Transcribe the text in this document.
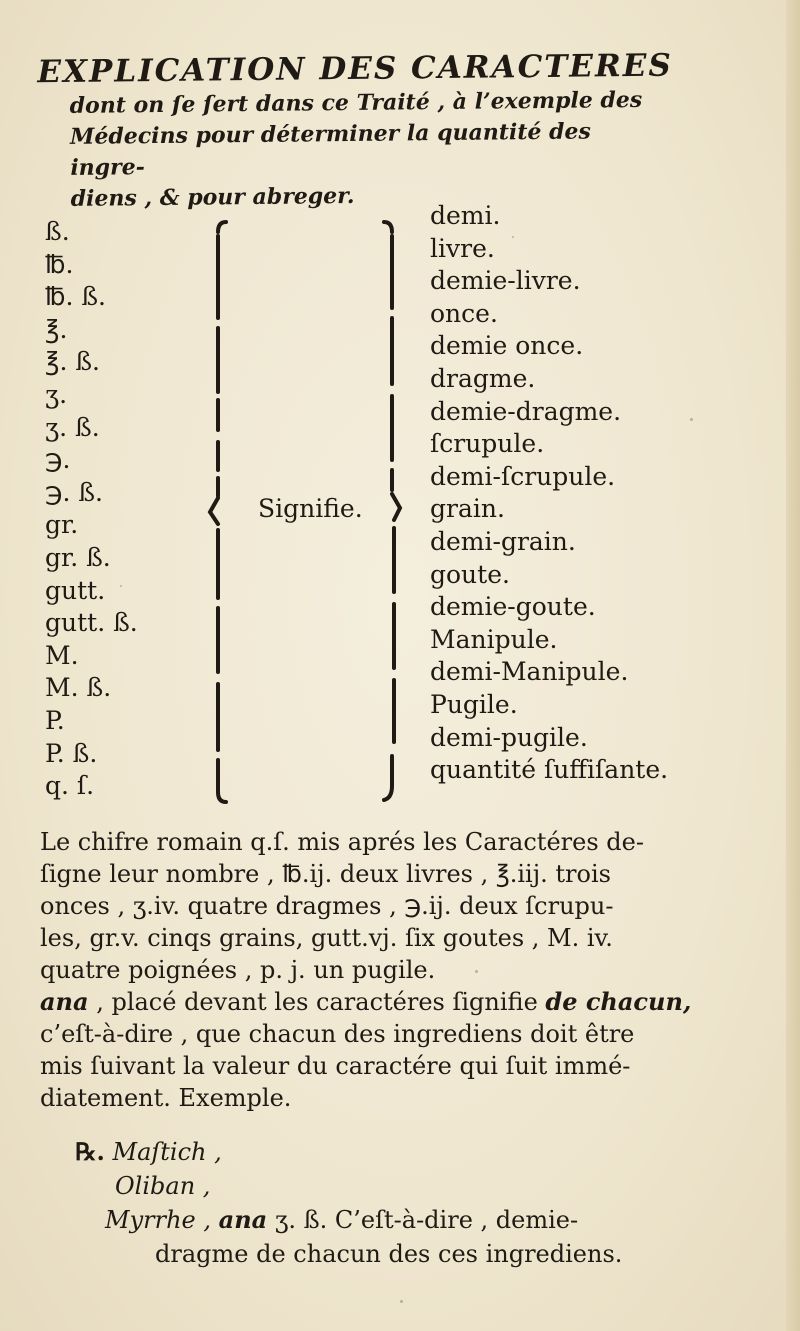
EXPLICATION DES CARACTERES
dont on ſe ſert dans ce Traité , à l’exemple des
Médecins pour déterminer la quantité des ingre-
diens , & pour abreger.
ß.
℔.
℔. ß.
℥.
℥. ß.
ʒ.
ʒ. ß.
℈.
℈. ß.
gr.
gr. ß.
gutt.
gutt. ß.
M.
M. ß.
P.
P. ß.
q. ſ.
Signifie.
demi.
livre.
demie-livre.
once.
demie once.
dragme.
demie-dragme.
ſcrupule.
demi-ſcrupule.
grain.
demi-grain.
goute.
demie-goute.
Manipule.
demi-Manipule.
Pugile.
demi-pugile.
quantité ſuffiſante.
Le chifre romain q.ſ. mis aprés les Caractéres de-
ſigne leur nombre , ℔.ij. deux livres , ℥.iij. trois
onces , ʒ.iv. quatre dragmes , ℈.ij. deux ſcrupu-
les, gr.v. cinqs grains, gutt.vj. ſix goutes , M. iv.
quatre poignées , p. j. un pugile.
ana , placé devant les caractéres ſignifie de chacun,
c’eſt-à-dire , que chacun des ingrediens doit être
mis ſuivant la valeur du caractére qui ſuit immé-
diatement. Exemple.
℞. Maſtich ,
Oliban ,
Myrrhe , ana ʒ. ß. C’eſt-à-dire , demie-
dragme de chacun des ces ingrediens.
